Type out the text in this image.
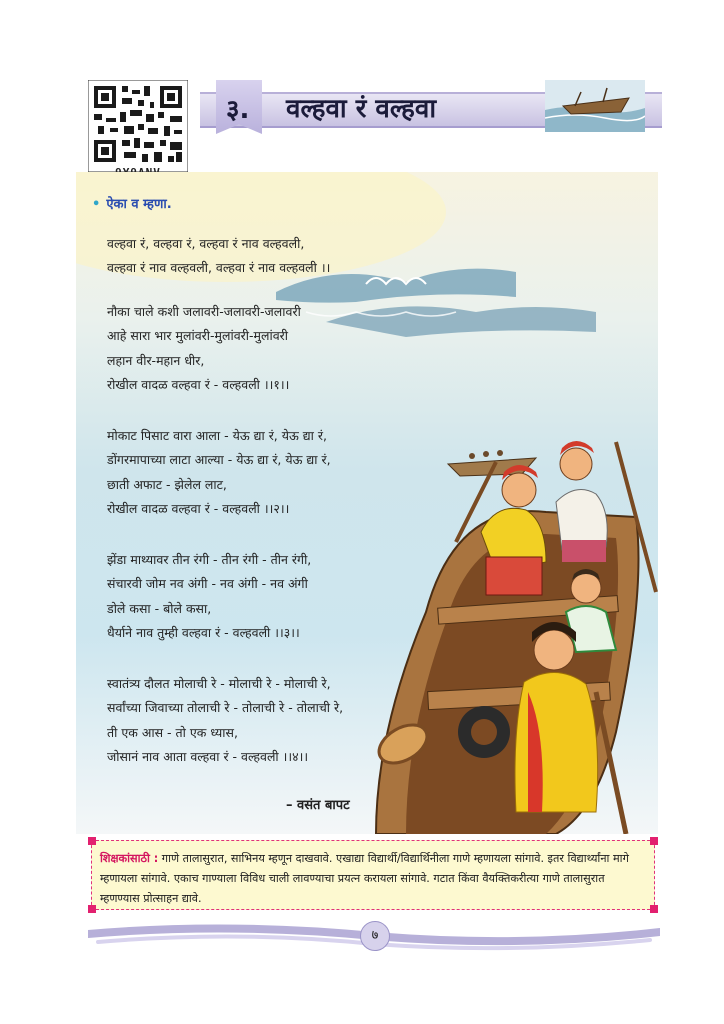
३. वल्हवा रं वल्हवा
• ऐका व म्हणा.
वल्हवा रं, वल्हवा रं, वल्हवा रं नाव वल्हवली,
वल्हवा रं नाव वल्हवली, वल्हवा रं नाव वल्हवली ।।
नौका चाले कशी जलावरी-जलावरी-जलावरी
आहे सारा भार मुलांवरी-मुलांवरी-मुलांवरी
लहान वीर-महान धीर,
रोखील वादळ वल्हवा रं - वल्हवली ।।१।।
मोकाट पिसाट वारा आला - येऊ द्या रं, येऊ द्या रं,
डोंगरमापाच्या लाटा आल्या - येऊ द्या रं, येऊ द्या रं,
छाती अफाट - झेलेल लाट,
रोखील वादळ वल्हवा रं - वल्हवली ।।२।।
झेंडा माथ्यावर तीन रंगी - तीन रंगी - तीन रंगी,
संचारवी जोम नव अंगी - नव अंगी - नव अंगी
डोले कसा - बोले कसा,
धैर्याने नाव तुम्ही वल्हवा रं - वल्हवली ।।३।।
स्वातंत्र्य दौलत मोलाची रे - मोलाची रे - मोलाची रे,
सर्वांच्या जिवाच्या तोलाची रे - तोलाची रे - तोलाची रे,
ती एक आस - तो एक ध्यास,
जोसानं नाव आता वल्हवा रं - वल्हवली ।।४।।
– वसंत बापट
शिक्षकांसाठी : गाणे तालासुरात, साभिनय म्हणून दाखवावे. एखाद्या विद्यार्थी/विद्यार्थिनीला गाणे म्हणायला सांगावे. इतर विद्यार्थ्यांना मागे म्हणायला सांगावे. एकाच गाण्याला विविध चाली लावण्याचा प्रयत्न करायला सांगावे. गटात किंवा वैयक्तिकरीत्या गाणे तालासुरात म्हणण्यास प्रोत्साहन द्यावे.
७
